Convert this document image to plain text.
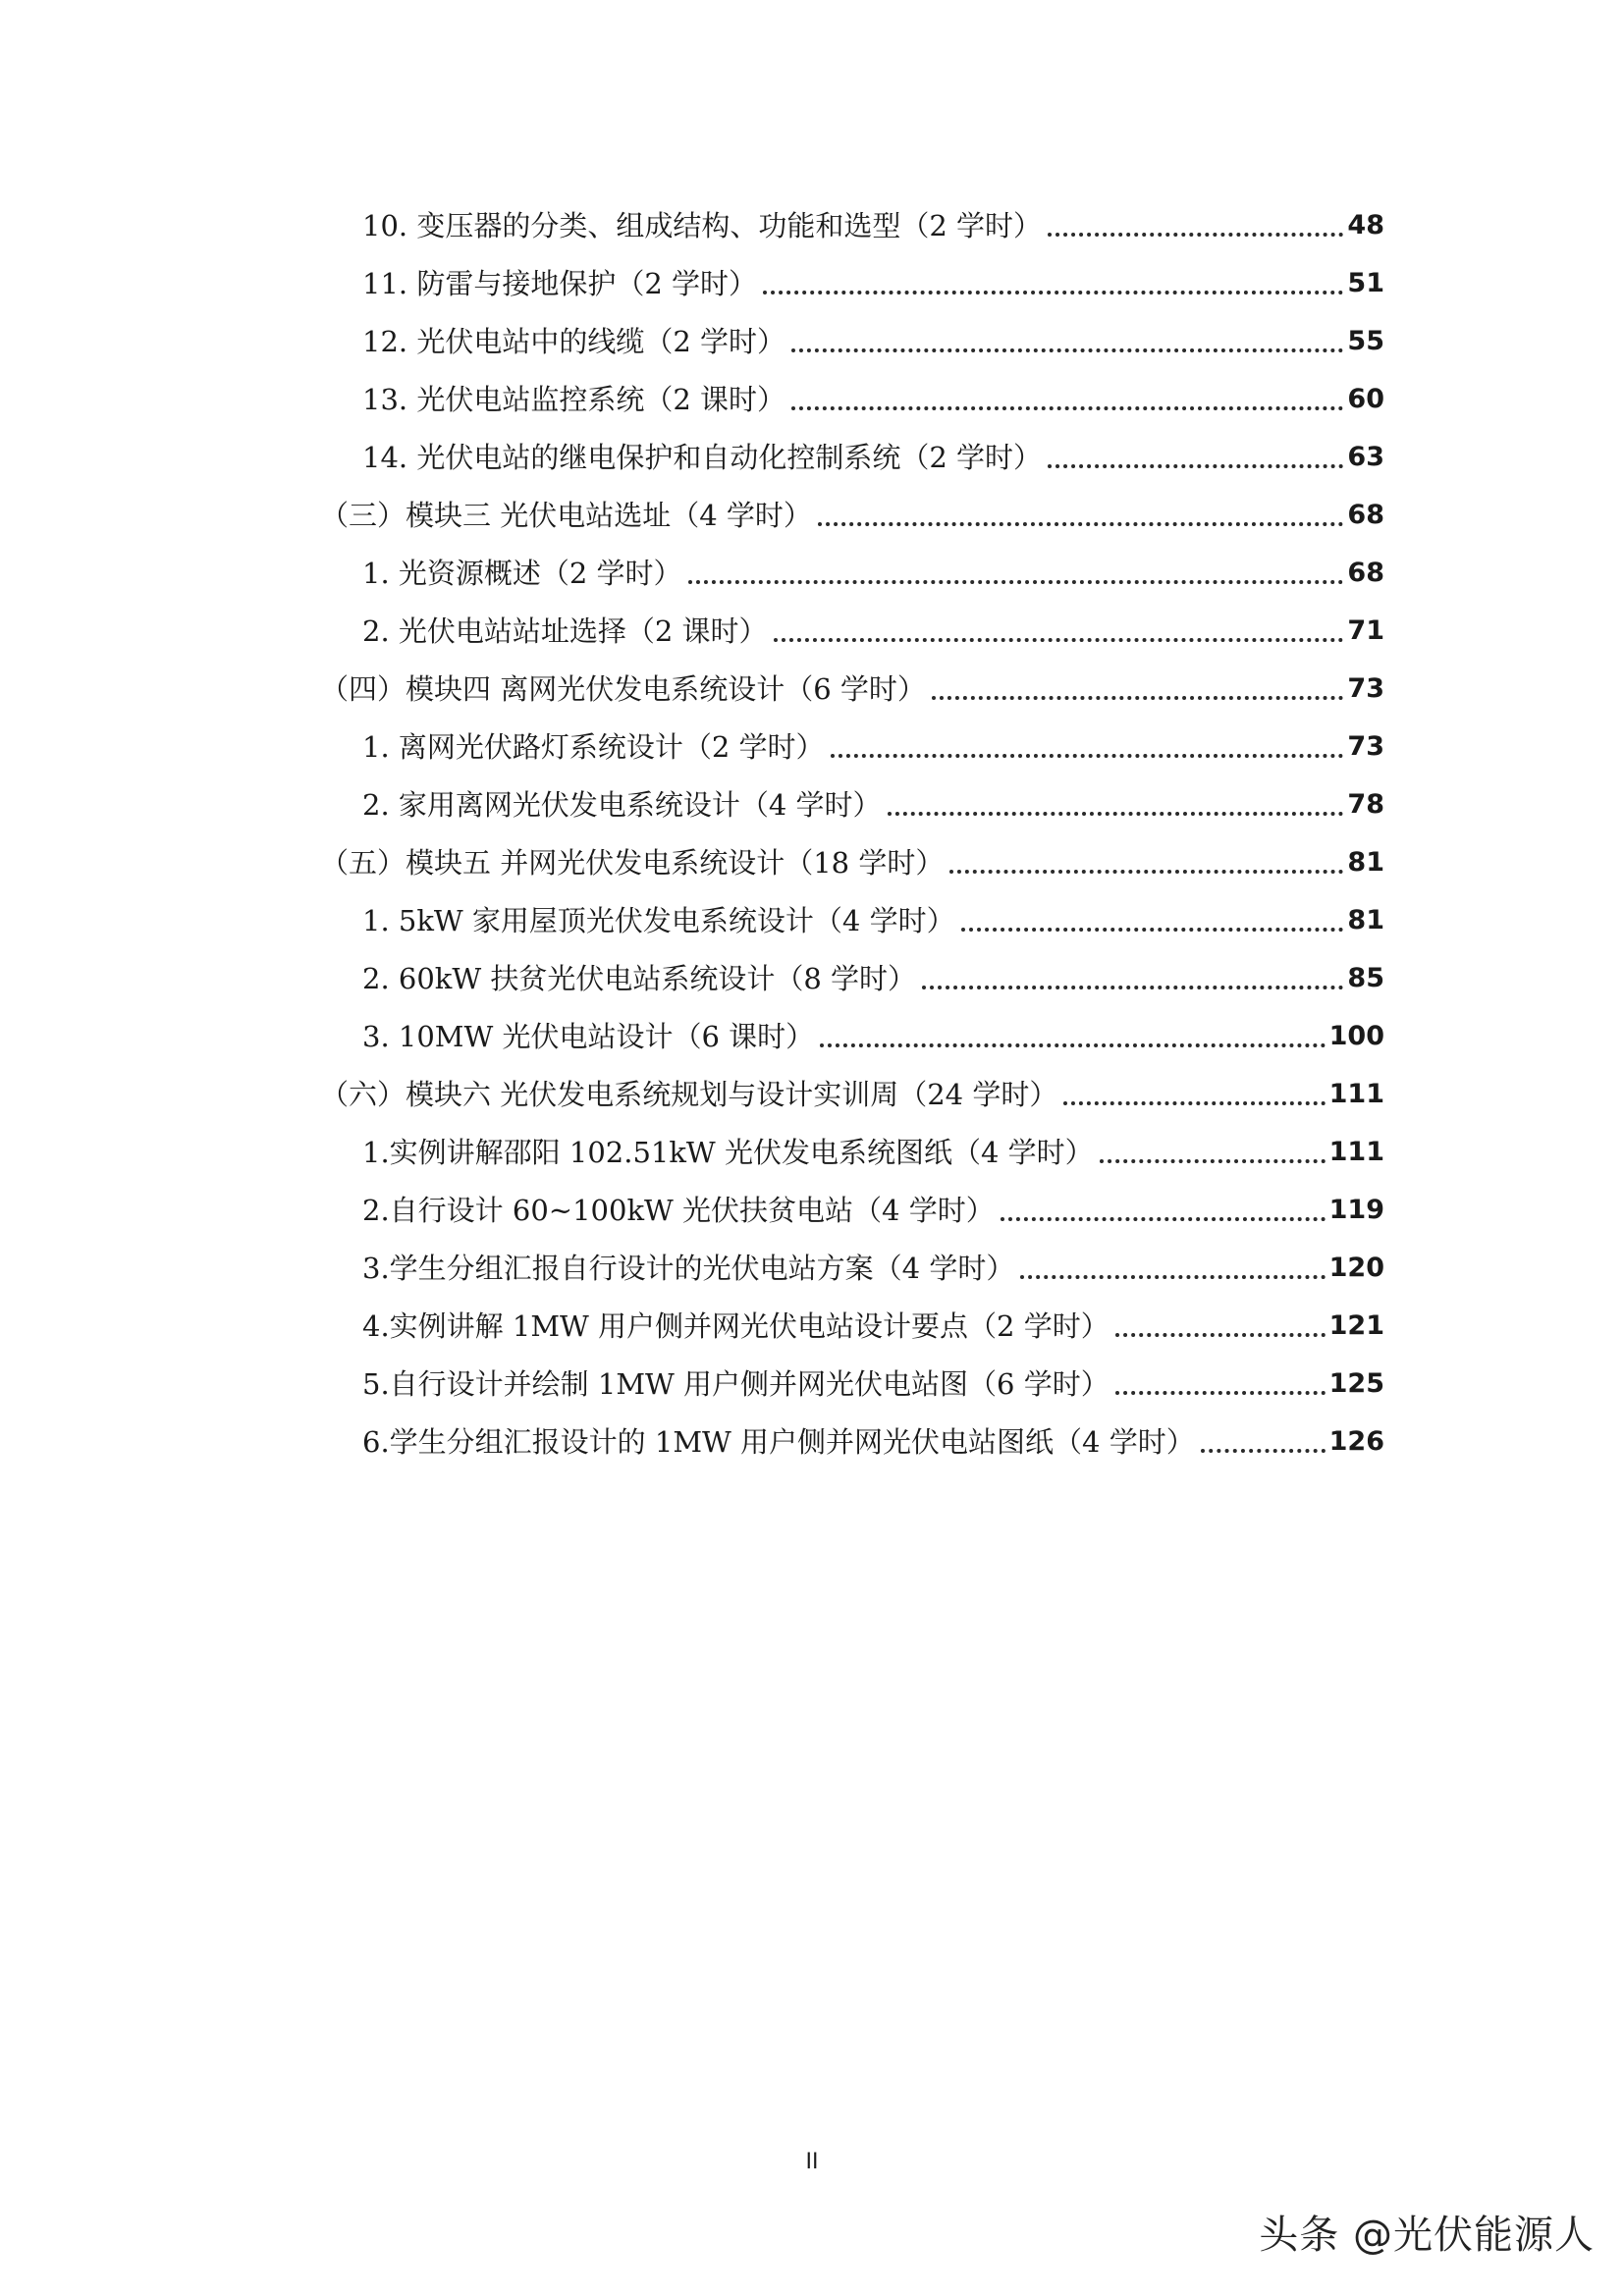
10. 变压器的分类、组成结构、功能和选型（2 学时）	48
11. 防雷与接地保护（2 学时）	51
12. 光伏电站中的线缆（2 学时）	55
13. 光伏电站监控系统（2 课时）	60
14. 光伏电站的继电保护和自动化控制系统（2 学时）	63
（三）模块三 光伏电站选址（4 学时）	68
1. 光资源概述（2 学时）	68
2. 光伏电站站址选择（2 课时）	71
（四）模块四 离网光伏发电系统设计（6 学时）	73
1. 离网光伏路灯系统设计（2 学时）	73
2. 家用离网光伏发电系统设计（4 学时）	78
（五）模块五 并网光伏发电系统设计（18 学时）	81
1. 5kW 家用屋顶光伏发电系统设计（4 学时）	81
2. 60kW 扶贫光伏电站系统设计（8 学时）	85
3. 10MW 光伏电站设计（6 课时）	100
（六）模块六 光伏发电系统规划与设计实训周（24 学时）	111
1.实例讲解邵阳 102.51kW 光伏发电系统图纸（4 学时）	111
2.自行设计 60~100kW 光伏扶贫电站（4 学时）	119
3.学生分组汇报自行设计的光伏电站方案（4 学时）	120
4.实例讲解 1MW 用户侧并网光伏电站设计要点（2 学时）	121
5.自行设计并绘制 1MW 用户侧并网光伏电站图（6 学时）	125
6.学生分组汇报设计的 1MW 用户侧并网光伏电站图纸（4 学时）	126
II
头条 @光伏能源人
